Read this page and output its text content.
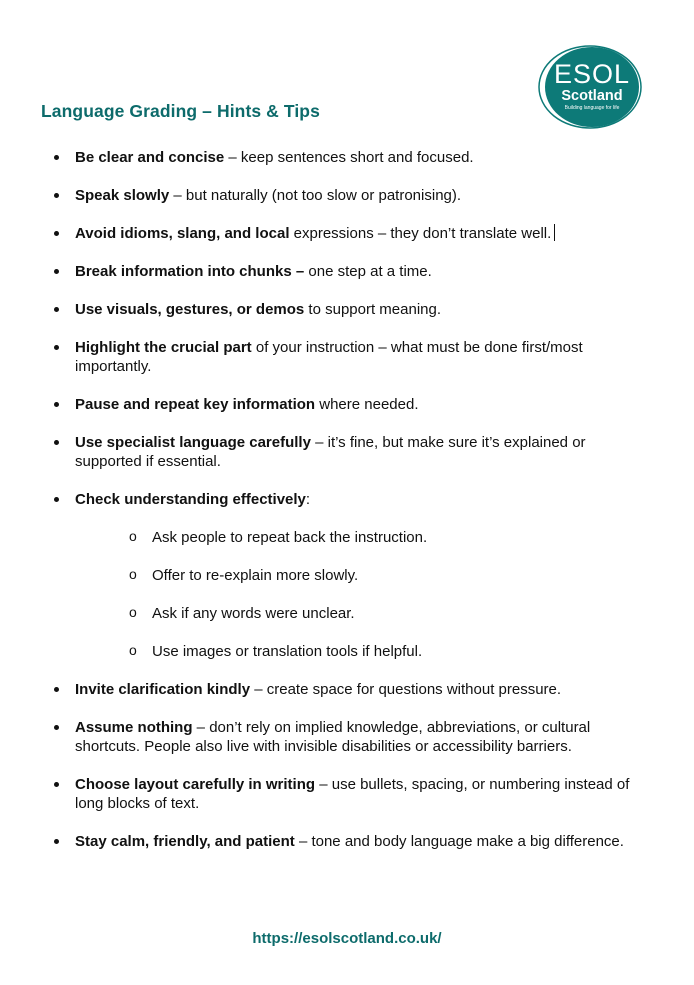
ESOL
Scotland
Building language for life
Language Grading – Hints & Tips
Be clear and concise – keep sentences short and focused.
Speak slowly – but naturally (not too slow or patronising).
Avoid idioms, slang, and local expressions – they don’t translate well.
Break information into chunks – one step at a time.
Use visuals, gestures, or demos to support meaning.
Highlight the crucial part of your instruction – what must be done first/most importantly.
Pause and repeat key information where needed.
Use specialist language carefully – it’s fine, but make sure it’s explained or supported if essential.
Check understanding effectively:
o Ask people to repeat back the instruction.
o Offer to re-explain more slowly.
o Ask if any words were unclear.
o Use images or translation tools if helpful.
Invite clarification kindly – create space for questions without pressure.
Assume nothing – don’t rely on implied knowledge, abbreviations, or cultural shortcuts. People also live with invisible disabilities or accessibility barriers.
Choose layout carefully in writing – use bullets, spacing, or numbering instead of long blocks of text.
Stay calm, friendly, and patient – tone and body language make a big difference.
https://esolscotland.co.uk/
